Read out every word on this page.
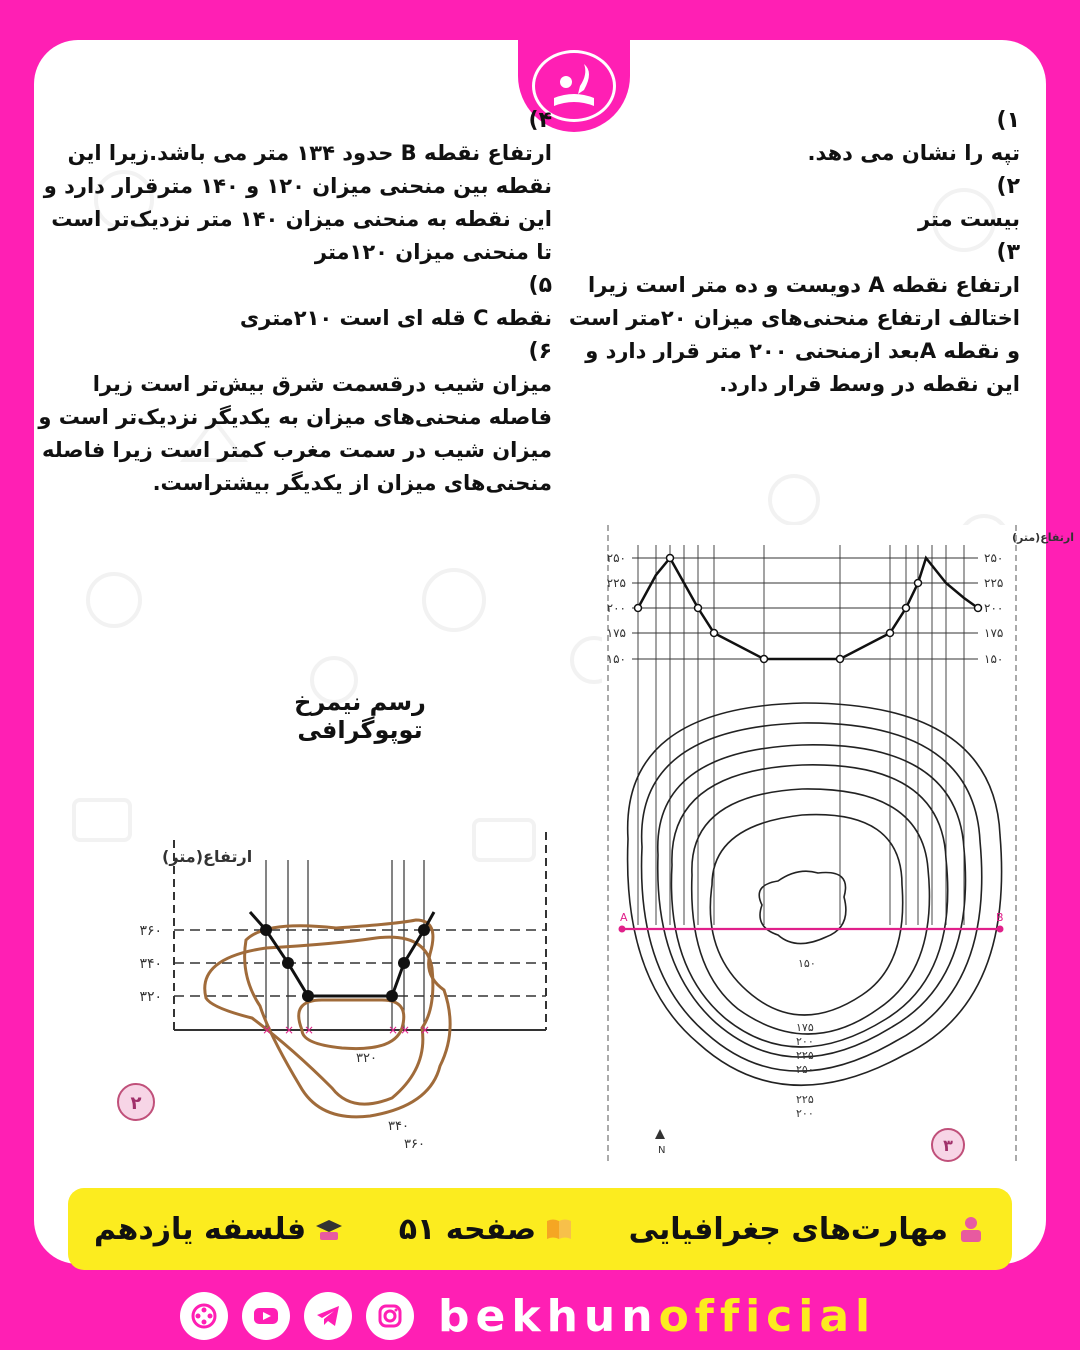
۱)

تپه را نشان می دهد.

۲)

بیست متر

۳)

ارتفاع نقطه A دویست و ده متر است زیرا اختالف ارتفاع منحنی‌های میزان ۲۰متر است و نقطه Aبعد ازمنحنی ۲۰۰ متر قرار دارد و این نقطه در وسط قرار دارد.

۴)

ارتفاع نقطه B حدود ۱۳۴ متر می باشد.زیرا این نقطه بین منحنی میزان ۱۲۰ و ۱۴۰ مترقرار دارد و این نقطه به منحنی میزان ۱۴۰ متر نزدیک‌تر است تا منحنی میزان ۱۲۰متر

۵)

نقطه C قله ای است ۲۱۰متری

۶)

میزان شیب درقسمت شرق بیش‌تر است زیرا فاصله منحنی‌های میزان به یکدیگر نزدیک‌تر است و میزان شیب در سمت مغرب کمتر است زیرا فاصله منحنی‌های میزان از یکدیگر بیشتراست.

رسم نیمرخ توپوگرافی
ارتفاع(متر)
۳۶۰
۳۴۰
۳۲۰
× × ×	× × ×
۳۲۰
۳۴۰
۳۶۰
۲
ارتفاع(متر)
۲۵۰
۲۲۵
۲۰۰
۱۷۵
۱۵۰
۲۵۰
۲۲۵
۲۰۰
۱۷۵
۱۵۰
A	B
۱۵۰
۱۷۵
۲۰۰
۲۲۵
۲۵۰
۲۲۵
۲۰۰
N	۳
مهارت‌های جغرافیایی
صفحه ۵۱
فلسفه یازدهم
bekhunofficial
